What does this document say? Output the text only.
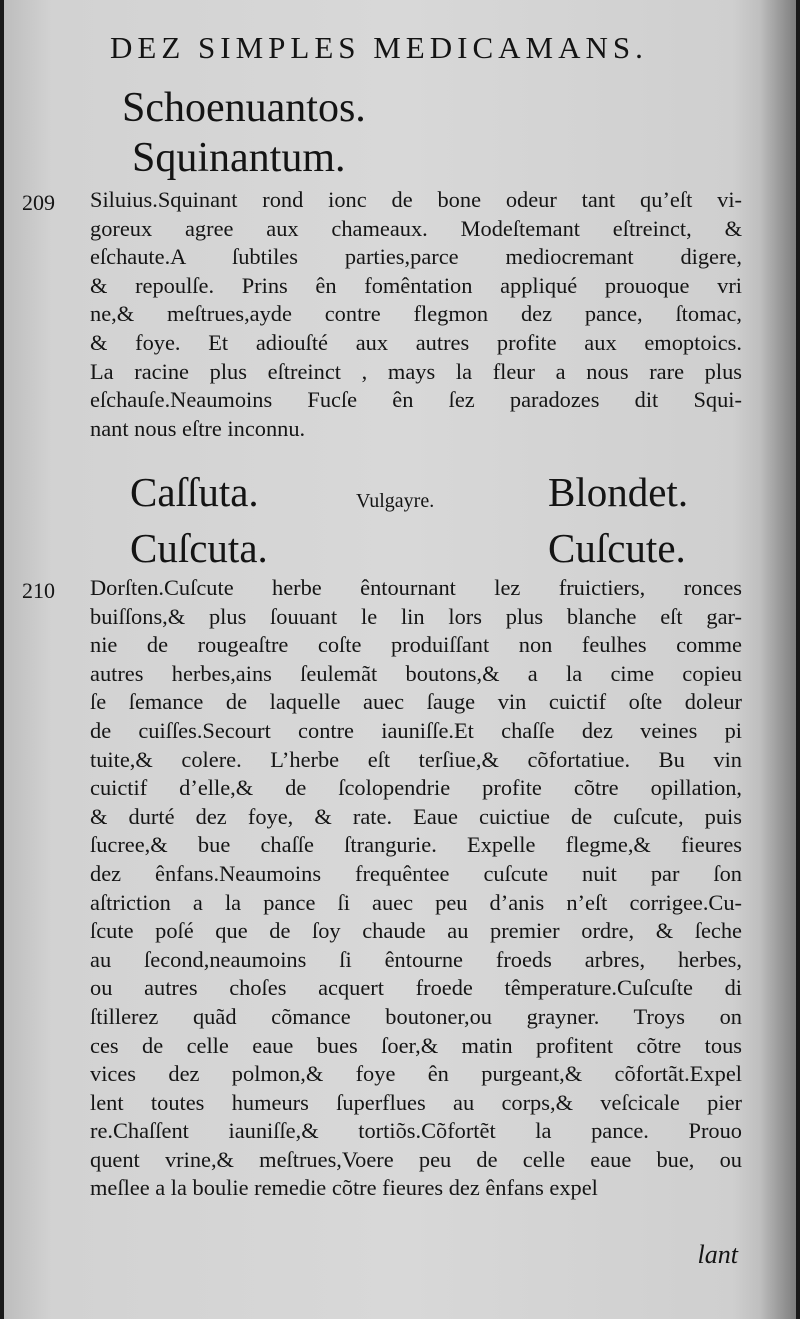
DEZ SIMPLES MEDICAMANS.
Schoenuantos.
Squinantum.
209 Siluius.Squinant rond ionc de bone odeur tant qu’eſt vi-
goreux agree aux chameaux. Modeſtemant eſtreinct, &
eſchaute.A ſubtiles parties,parce mediocremant digere,
& repoulſe. Prins ên fomêntation appliqué prouoque vri
ne,& meſtrues,ayde contre flegmon dez pance, ſtomac,
& foye. Et adiouſté aux autres profite aux emoptoics.
La racine plus eſtreinct , mays la fleur a nous rare plus
eſchauſe.Neaumoins Fucſe ên ſez paradozes dit Squi-
nant nous eſtre inconnu.
Caſſuta.
Cuſcuta.
Vulgayre.	Blondet.
Cuſcute.
210 Dorſten.Cuſcute herbe êntournant lez fruictiers, ronces
buiſſons,& plus ſouuant le lin lors plus blanche eſt gar-
nie de rougeaſtre coſte produiſſant non feulhes comme
autres herbes,ains ſeulemãt boutons,& a la cime copieu
ſe ſemance de laquelle auec ſauge vin cuictif oſte doleur
de cuiſſes.Secourt contre iauniſſe.Et chaſſe dez veines pi
tuite,& colere. L’herbe eſt terſiue,& cõfortatiue. Bu vin
cuictif d’elle,& de ſcolopendrie profite cõtre opillation,
& durté dez foye, & rate. Eaue cuictiue de cuſcute, puis
ſucree,& bue chaſſe ſtrangurie. Expelle flegme,& fieures
dez ênfans.Neaumoins frequêntee cuſcute nuit par ſon
aſtriction a la pance ſi auec peu d’anis n’eſt corrigee.Cu-
ſcute poſé que de ſoy chaude au premier ordre, & ſeche
au ſecond,neaumoins ſi êntourne froeds arbres, herbes,
ou autres choſes acquert froede têmperature.Cuſcuſte di
ſtillerez quãd cõmance boutoner,ou grayner. Troys on
ces de celle eaue bues ſoer,& matin profitent cõtre tous
vices dez polmon,& foye ên purgeant,& cõfortãt.Expel
lent toutes humeurs ſuperflues au corps,& veſcicale pier
re.Chaſſent iauniſſe,& tortiõs.Cõfortẽt la pance. Prouo
quent vrine,& meſtrues,Voere peu de celle eaue bue, ou
meſlee a la boulie remedie cõtre fieures dez ênfans expel
lant
